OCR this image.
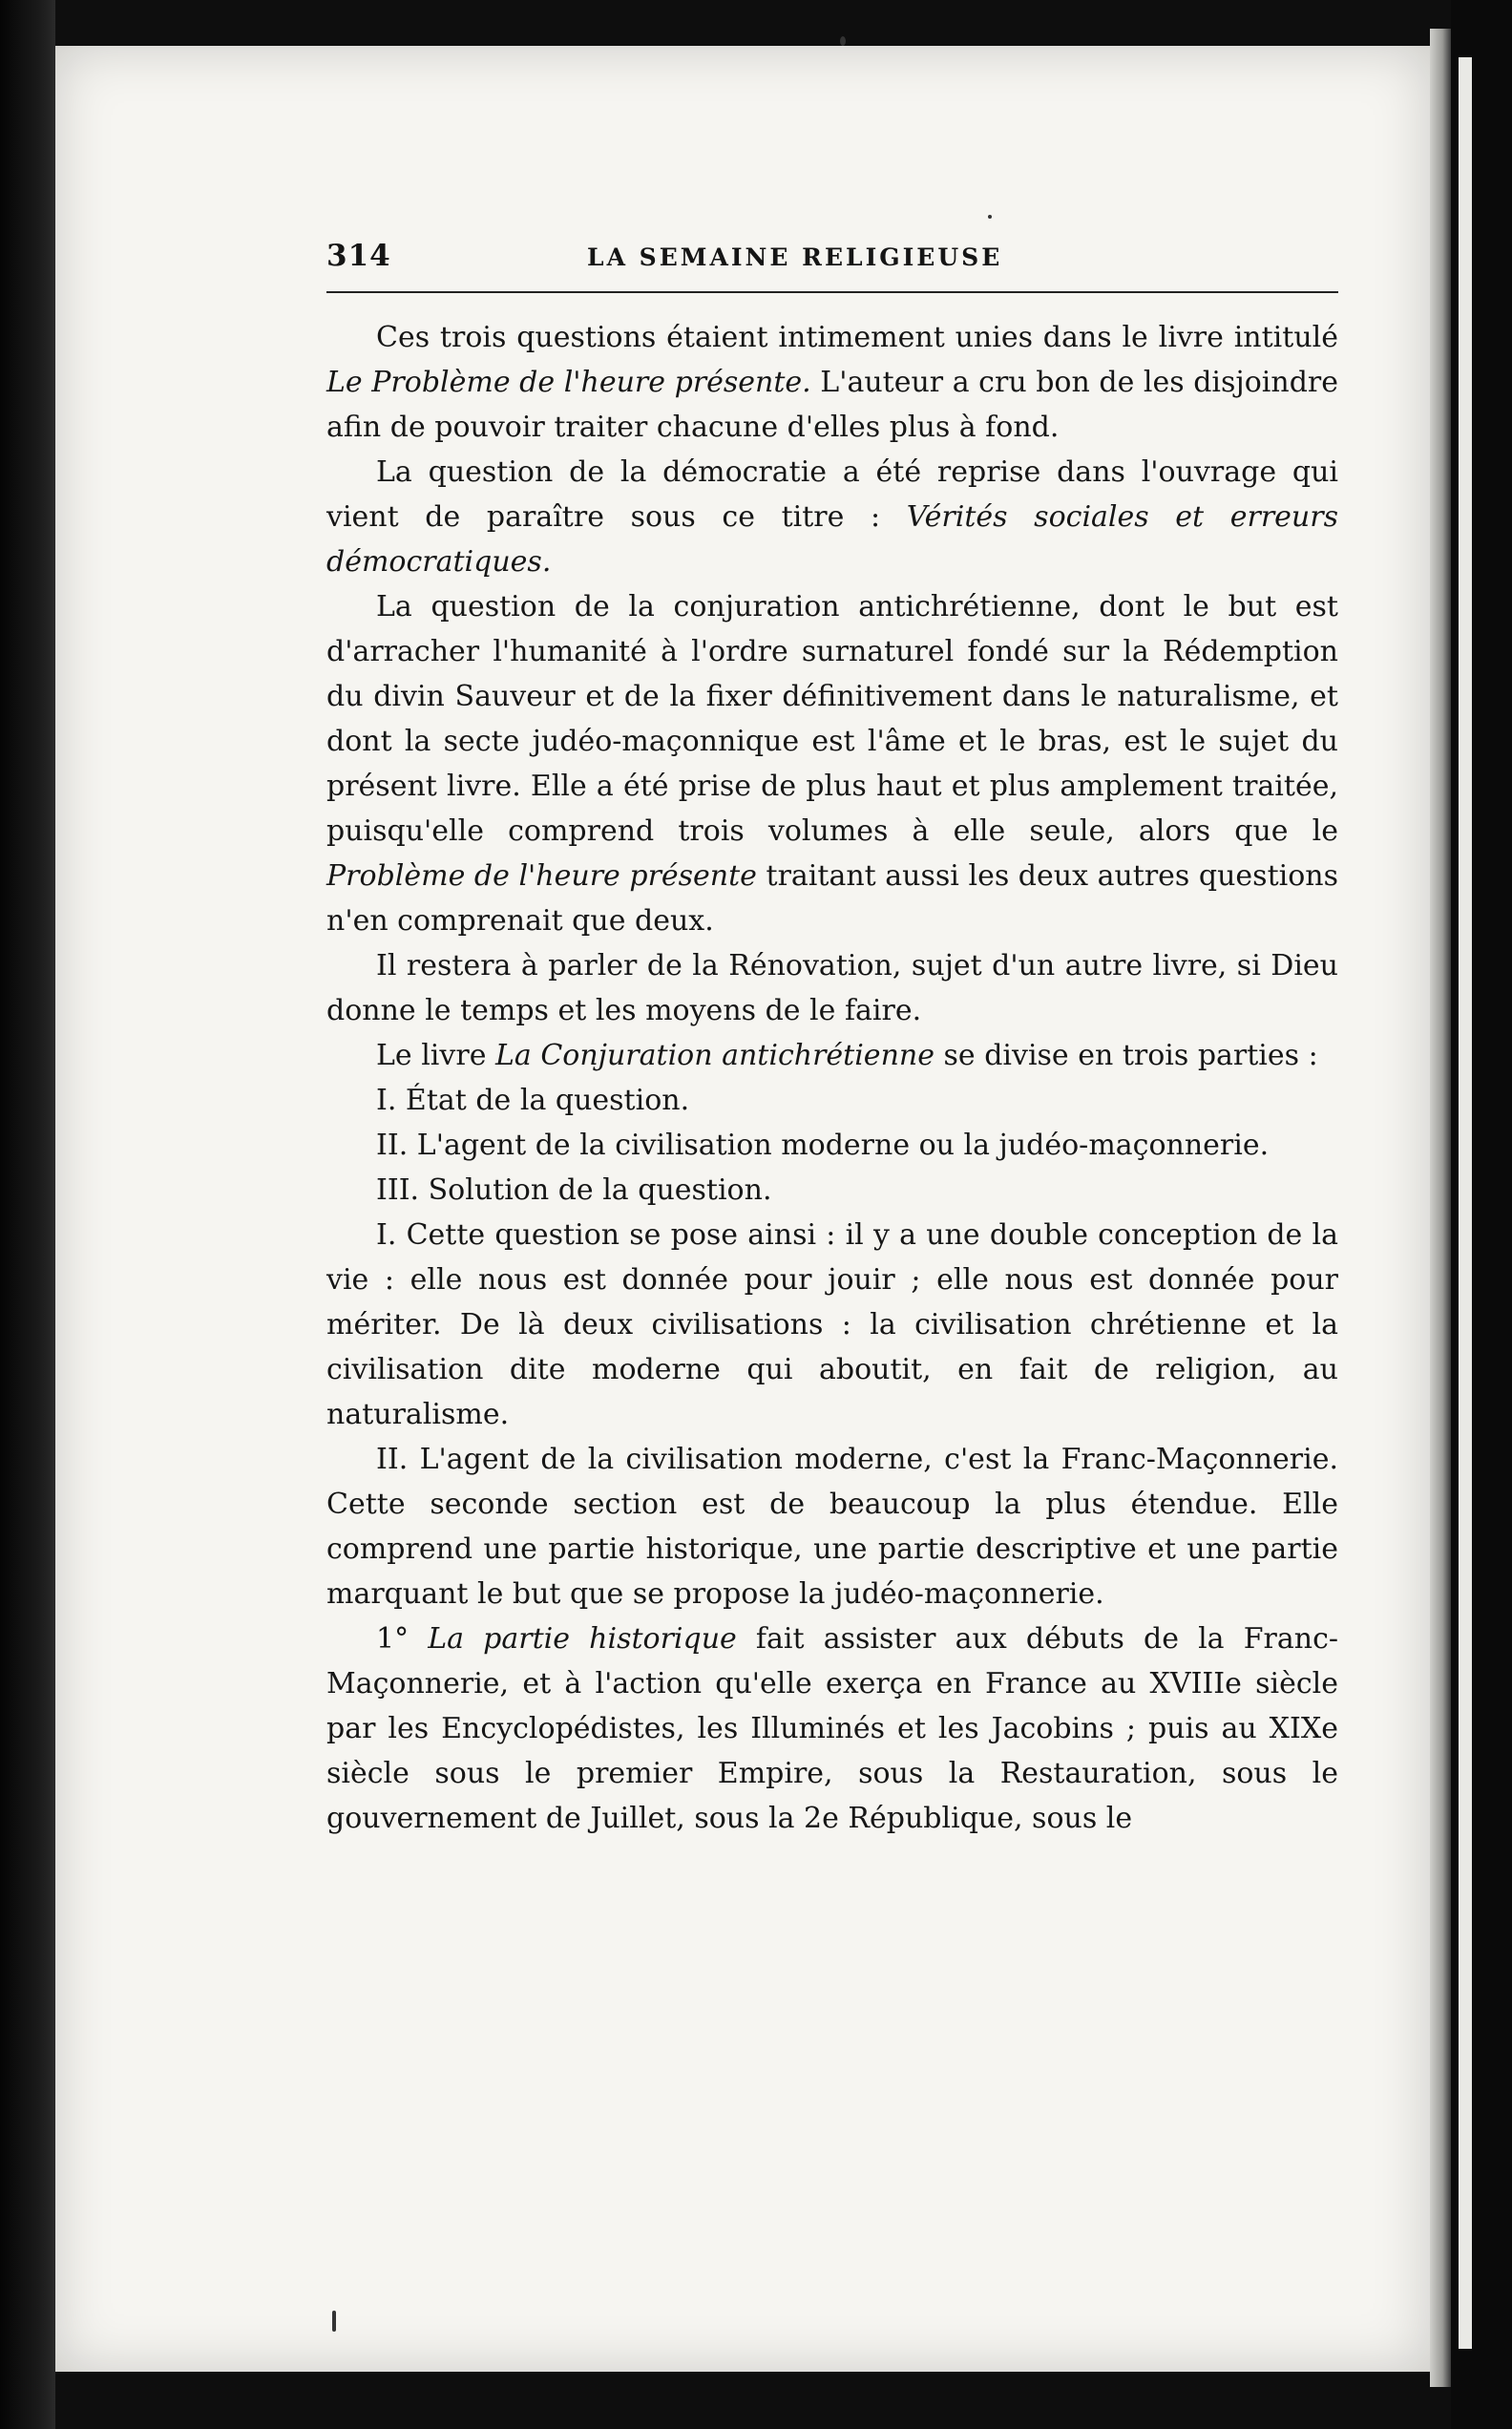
314	LA SEMAINE RELIGIEUSE

Ces trois questions étaient intimement unies dans le livre intitulé Le Problème de l'heure présente. L'auteur a cru bon de les disjoindre afin de pouvoir traiter chacune d'elles plus à fond.

La question de la démocratie a été reprise dans l'ouvrage qui vient de paraître sous ce titre : Vérités sociales et erreurs démocratiques.

La question de la conjuration antichrétienne, dont le but est d'arracher l'humanité à l'ordre surnaturel fondé sur la Rédemption du divin Sauveur et de la fixer définitivement dans le naturalisme, et dont la secte judéo-maçonnique est l'âme et le bras, est le sujet du présent livre. Elle a été prise de plus haut et plus amplement traitée, puisqu'elle comprend trois volumes à elle seule, alors que le Problème de l'heure présente traitant aussi les deux autres questions n'en comprenait que deux.

Il restera à parler de la Rénovation, sujet d'un autre livre, si Dieu donne le temps et les moyens de le faire.

Le livre La Conjuration antichrétienne se divise en trois parties :

I. État de la question.

II. L'agent de la civilisation moderne ou la judéo-maçonnerie.

III. Solution de la question.

I. Cette question se pose ainsi : il y a une double conception de la vie : elle nous est donnée pour jouir ; elle nous est donnée pour mériter. De là deux civilisations : la civilisation chrétienne et la civilisation dite moderne qui aboutit, en fait de religion, au naturalisme.

II. L'agent de la civilisation moderne, c'est la Franc-Maçonnerie. Cette seconde section est de beaucoup la plus étendue. Elle comprend une partie historique, une partie descriptive et une partie marquant le but que se propose la judéo-maçonnerie.

1° La partie historique fait assister aux débuts de la Franc-Maçonnerie, et à l'action qu'elle exerça en France au XVIIIe siècle par les Encyclopédistes, les Illuminés et les Jacobins ; puis au XIXe siècle sous le premier Empire, sous la Restauration, sous le gouvernement de Juillet, sous la 2e République, sous le
